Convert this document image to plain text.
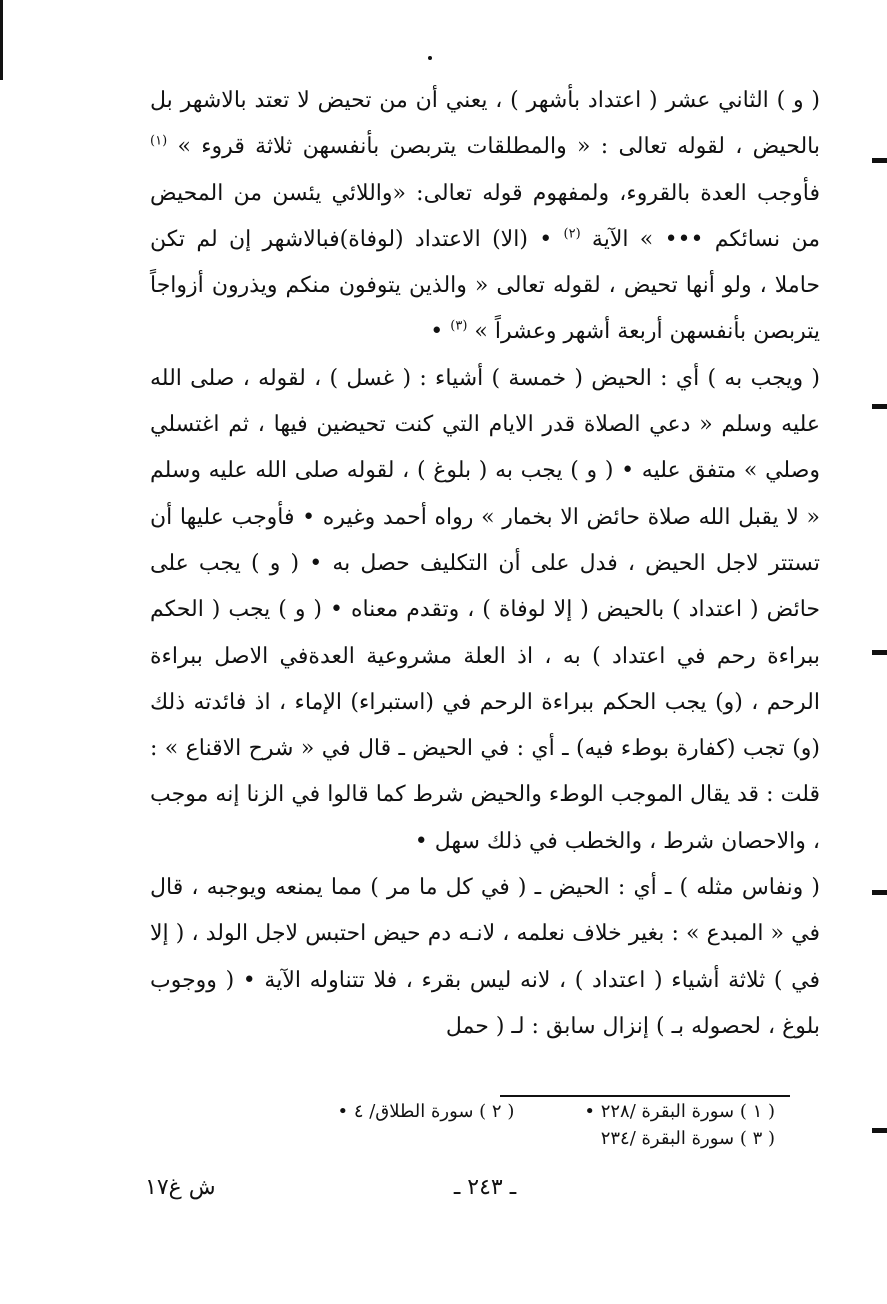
( و ) الثاني عشر ( اعتداد بأشهر ) ، يعني أن من تحيض لا تعتد بالاشهر بل بالحيض ، لقوله تعالى : « والمطلقات يتربصن بأنفسهن ثلاثة قروء » $^{(١)}$ فأوجب العدة بالقروء، ولمفهوم قوله تعالى: «واللائي يئسن من المحيض من نسائكم ••• » الآية $^{(٢)}$ • (الا) الاعتداد (لوفاة)فبالاشهر إن لم تكن حاملا ، ولو أنها تحيض ، لقوله تعالى « والذين يتوفون منكم ويذرون أزواجاً يتربصن بأنفسهن أربعة أشهر وعشراً » $^{(٣)}$ •

( ويجب به ) أي : الحيض ( خمسة ) أشياء : ( غسل ) ، لقوله ، صلى الله عليه وسلم « دعي الصلاة قدر الايام التي كنت تحيضين فيها ، ثم اغتسلي وصلي » متفق عليه • ( و ) يجب به ( بلوغ ) ، لقوله صلى الله عليه وسلم « لا يقبل الله صلاة حائض الا بخمار » رواه أحمد وغيره • فأوجب عليها أن تستتر لاجل الحيض ، فدل على أن التكليف حصل به • ( و ) يجب على حائض ( اعتداد ) بالحيض ( إلا لوفاة ) ، وتقدم معناه • ( و ) يجب ( الحكم ببراءة رحم في اعتداد ) به ، اذ العلة مشروعية العدةفي الاصل ببراءة الرحم ، (و) يجب الحكم ببراءة الرحم في (استبراء) الإماء ، اذ فائدته ذلك (و) تجب (كفارة بوطء فيه) ـ أي : في الحيض ـ قال في « شرح الاقناع » : قلت : قد يقال الموجب الوطء والحيض شرط كما قالوا في الزنا إنه موجب ، والاحصان شرط ، والخطب في ذلك سهل •

( ونفاس مثله ) ـ أي : الحيض ـ ( في كل ما مر ) مما يمنعه ويوجبه ، قال في « المبدع » : بغير خلاف نعلمه ، لانـه دم حيض احتبس لاجل الولد ، ( إلا في ) ثلاثة أشياء ( اعتداد ) ، لانه ليس بقرء ، فلا تتناوله الآية • ( ووجوب بلوغ ، لحصوله بـ ) إنزال سابق : لـ ( حمل

( ١ ) سورة البقرة /٢٢٨ •
( ٢ ) سورة الطلاق/ ٤ •
( ٣ ) سورة البقرة /٢٣٤
ـ ٢٤٣ ـ
ش غ١٧
